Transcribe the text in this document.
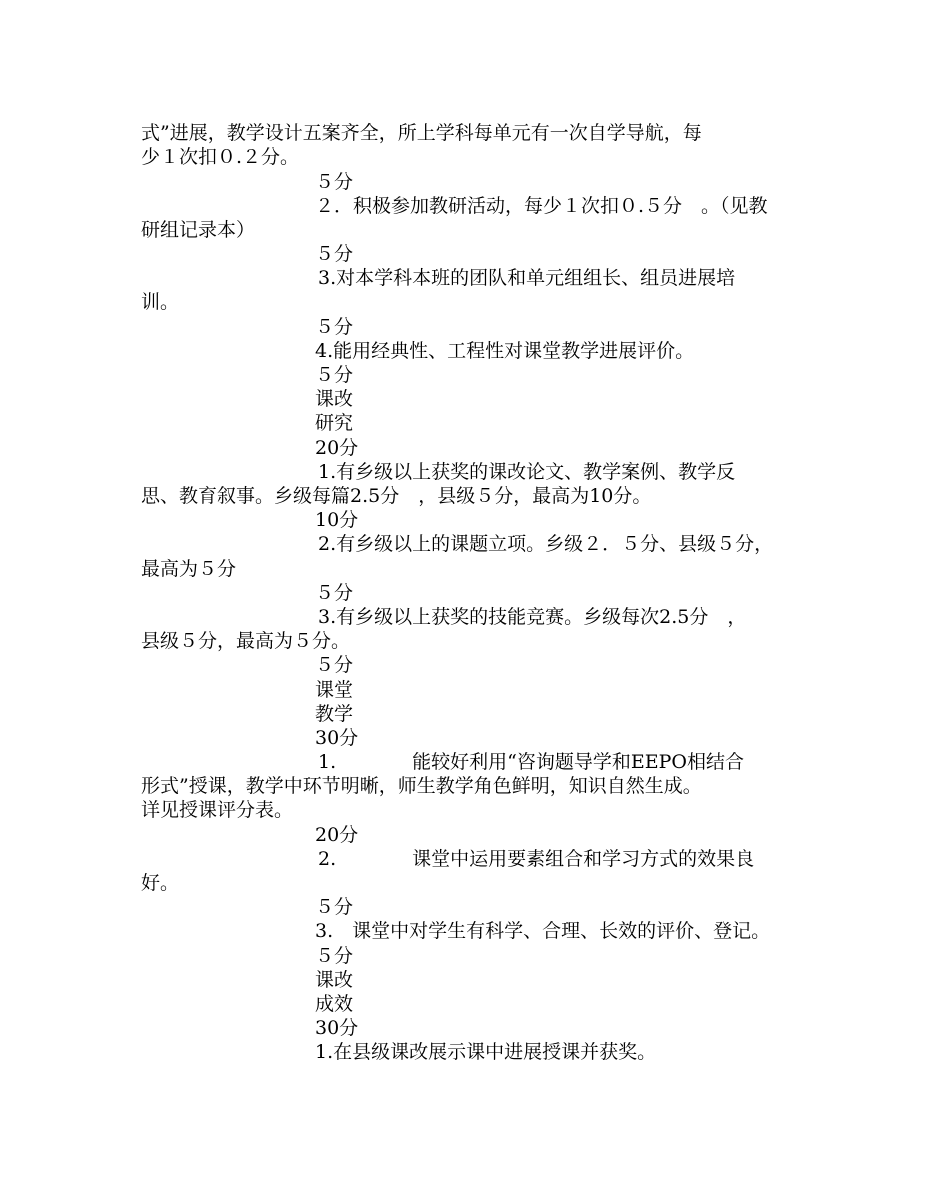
式”进展，教学设计五案齐全，所上学科每单元有一次自学导航，每
少１次扣０.２分。
５分
２．积极参加教研活动，每少１次扣０.５分　。（见教
研组记录本）
５分
3.对本学科本班的团队和单元组组长、组员进展培
训。
５分
4.能用经典性、工程性对课堂教学进展评价。
５分
课改
研究
20分
1.有乡级以上获奖的课改论文、教学案例、教学反
思、教育叙事。乡级每篇2.5分　，县级５分，最高为10分。
10分
2.有乡级以上的课题立项。乡级２．５分、县级５分，
最高为５分
５分
3.有乡级以上获奖的技能竞赛。乡级每次2.5分　，
县级５分，最高为５分。
５分
课堂
教学
30分
1.　　　　能较好利用“咨询题导学和EEPO相结合
形式”授课，教学中环节明晰，师生教学角色鲜明，知识自然生成。
详见授课评分表。
20分
2.　　　　课堂中运用要素组合和学习方式的效果良
好。
５分
3.　课堂中对学生有科学、合理、长效的评价、登记。
５分
课改
成效
30分
1.在县级课改展示课中进展授课并获奖。
